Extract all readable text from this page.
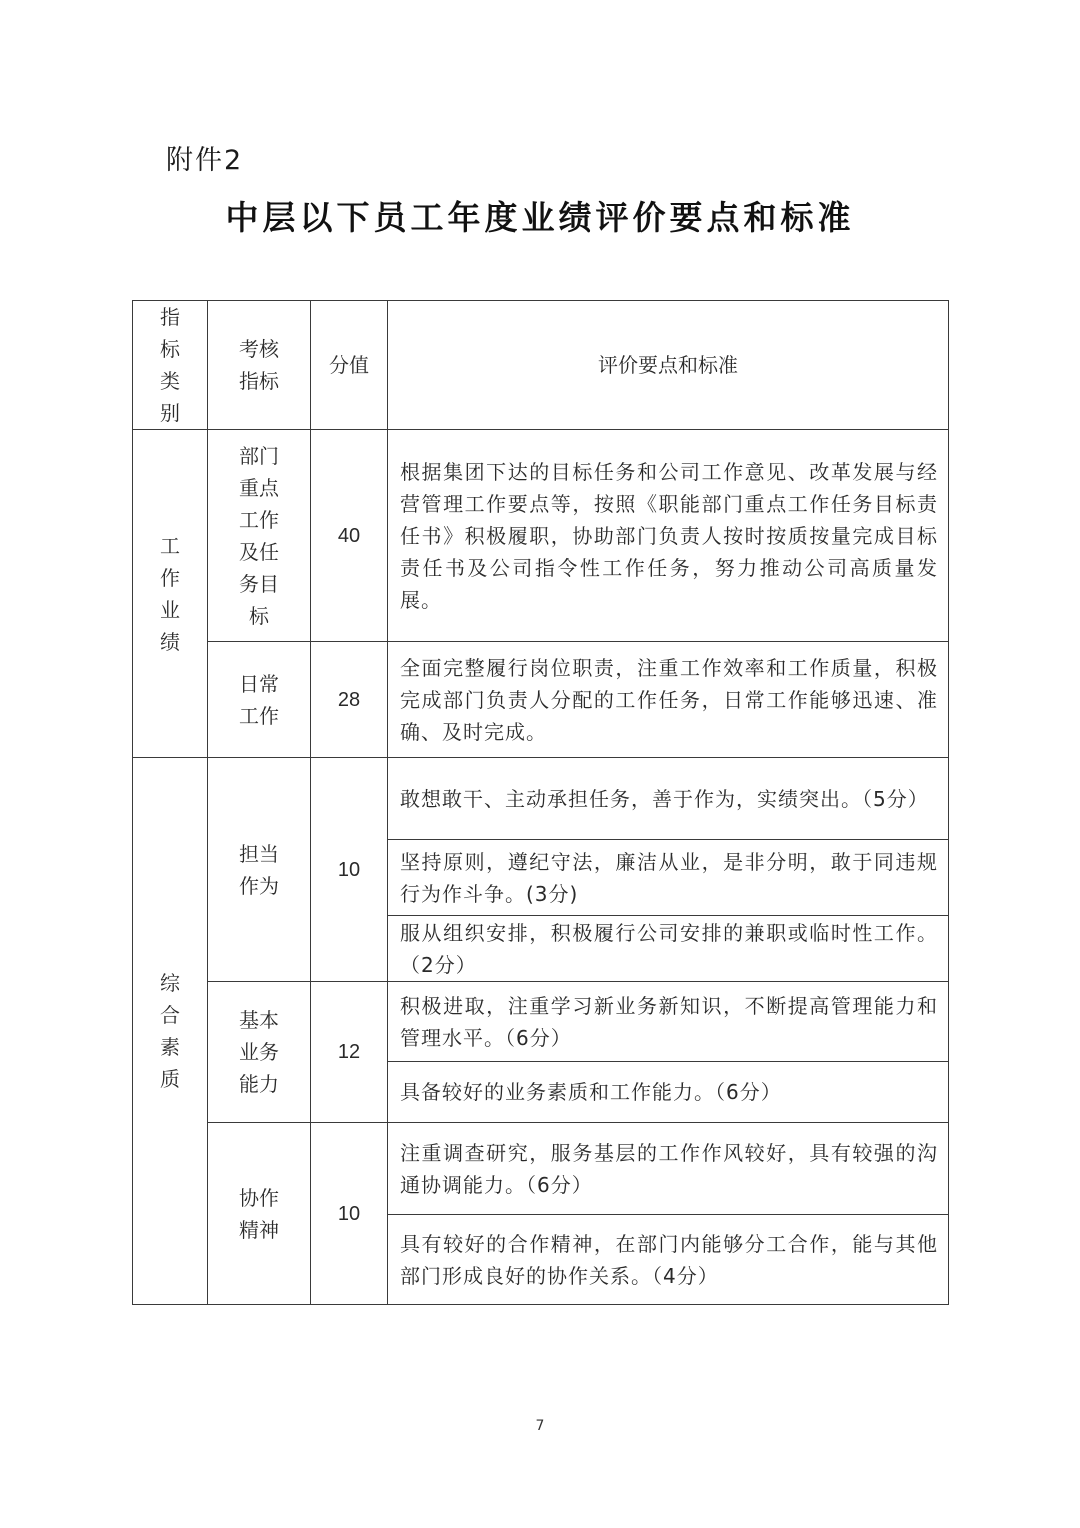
附件2
中层以下员工年度业绩评价要点和标准
指标类别	考核指标	分值	评价要点和标准
工作业绩	部门重点工作及任务目标	40	根据集团下达的目标任务和公司工作意见、改革发展与经营管理工作要点等，按照《职能部门重点工作任务目标责任书》积极履职，协助部门负责人按时按质按量完成目标责任书及公司指令性工作任务，努力推动公司高质量发展。
	日常工作	28	全面完整履行岗位职责，注重工作效率和工作质量，积极完成部门负责人分配的工作任务，日常工作能够迅速、准确、及时完成。
综合素质	担当作为	10	敢想敢干、主动承担任务，善于作为，实绩突出。（5分）
			坚持原则，遵纪守法，廉洁从业，是非分明，敢于同违规行为作斗争。(3分)
			服从组织安排，积极履行公司安排的兼职或临时性工作。（2分）
	基本业务能力	12	积极进取，注重学习新业务新知识，不断提高管理能力和管理水平。（6分）
			具备较好的业务素质和工作能力。（6分）
	协作精神	10	注重调查研究，服务基层的工作作风较好，具有较强的沟通协调能力。（6分）
			具有较好的合作精神，在部门内能够分工合作，能与其他部门形成良好的协作关系。（4分）
7
